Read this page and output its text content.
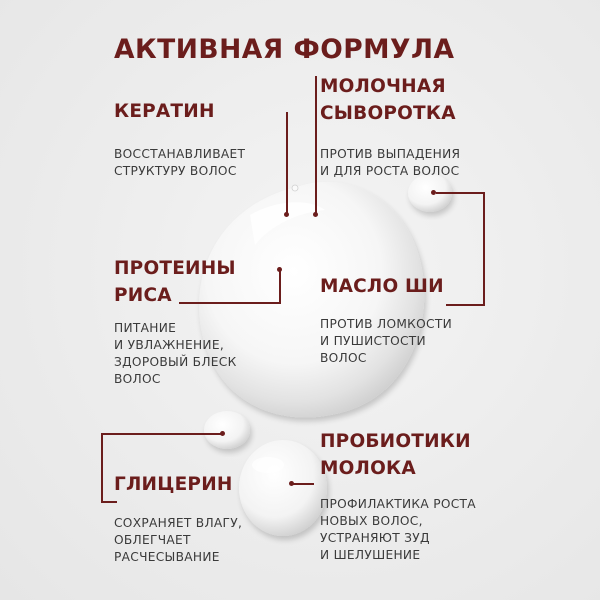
АКТИВНАЯ ФОРМУЛА
КЕРАТИН
ВОССТАНАВЛИВАЕТ
СТРУКТУРУ ВОЛОС
МОЛОЧНАЯ
СЫВОРОТКА
ПРОТИВ ВЫПАДЕНИЯ
И ДЛЯ РОСТА ВОЛОС
ПРОТЕИНЫ
РИСА
ПИТАНИЕ
И УВЛАЖНЕНИЕ,
ЗДОРОВЫЙ БЛЕСК
ВОЛОС
МАСЛО ШИ
ПРОТИВ ЛОМКОСТИ
И ПУШИСТОСТИ
ВОЛОС
ГЛИЦЕРИН
СОХРАНЯЕТ ВЛАГУ,
ОБЛЕГЧАЕТ
РАСЧЕСЫВАНИЕ
ПРОБИОТИКИ
МОЛОКА
ПРОФИЛАКТИКА РОСТА
НОВЫХ ВОЛОС,
УСТРАНЯЮТ ЗУД
И ШЕЛУШЕНИЕ
